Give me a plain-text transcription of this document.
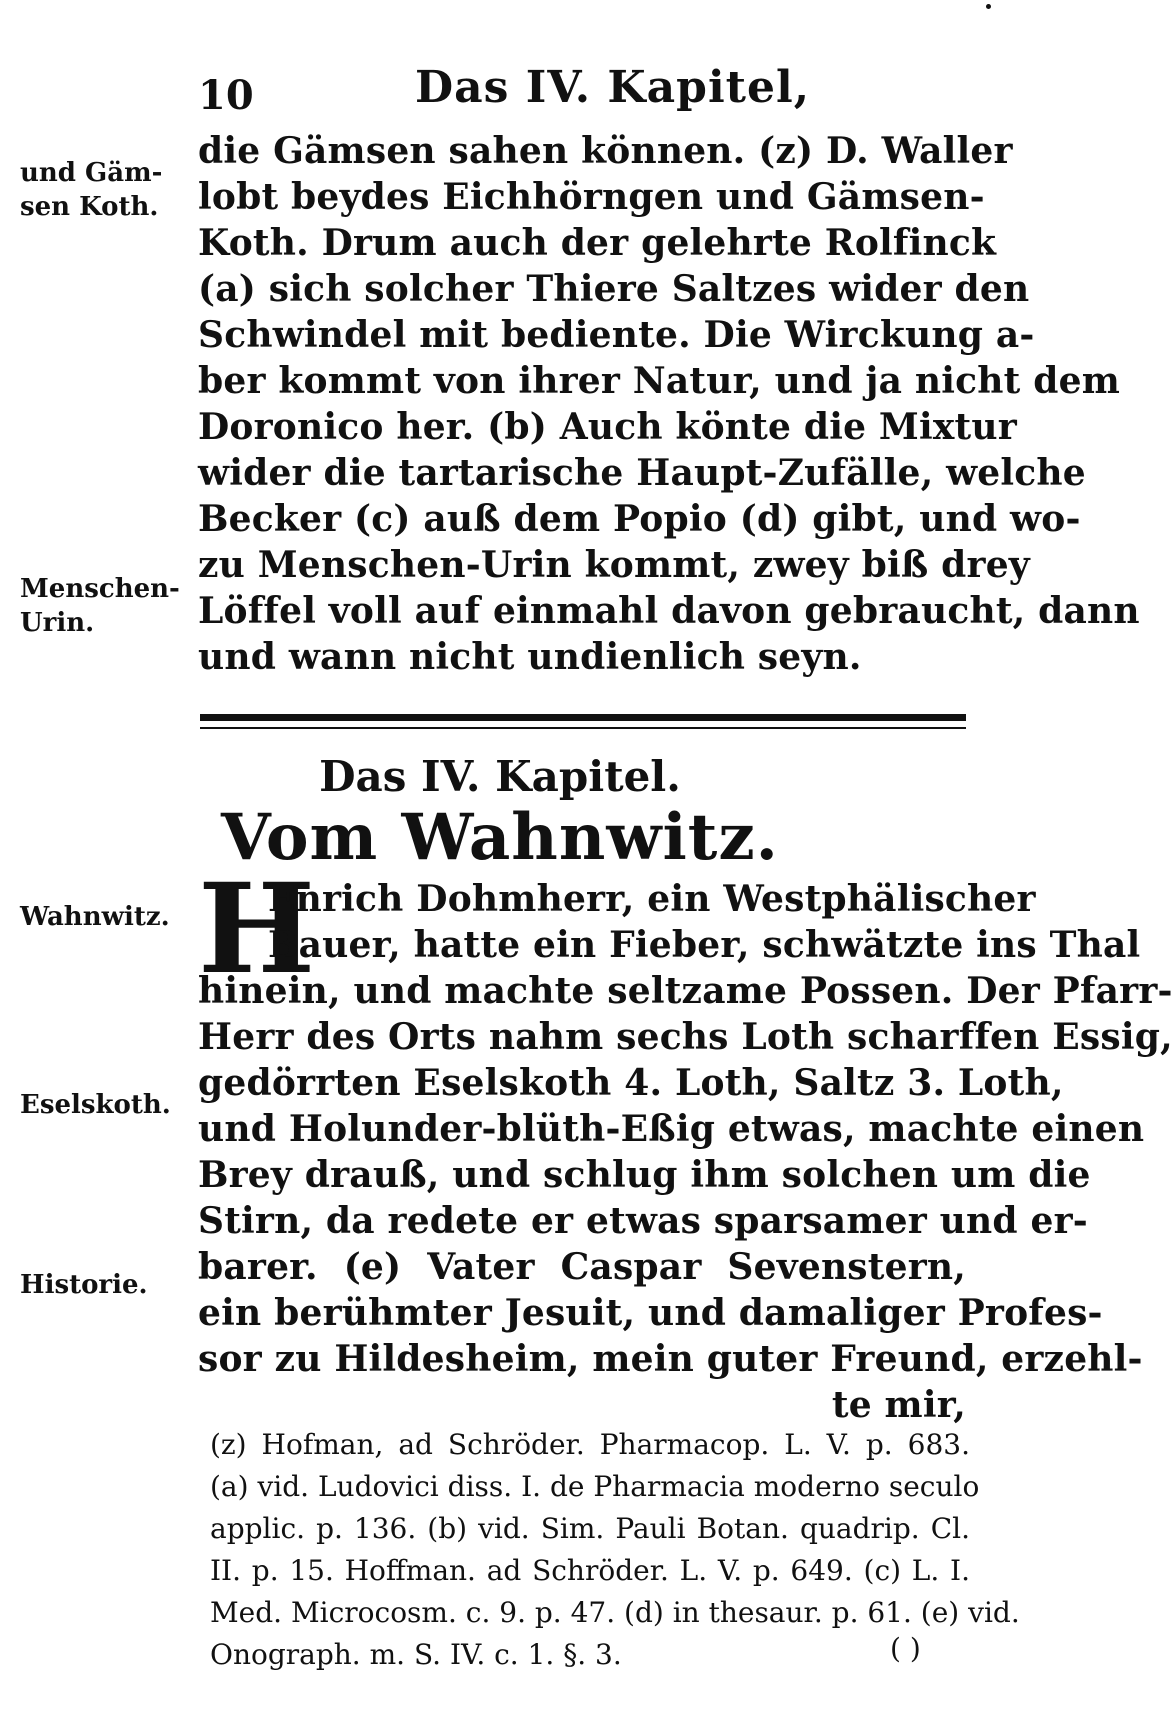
10	Das IV. Kapitel,
und Gäm-
sen Koth.
Menschen-
Urin.
die Gämsen sahen können. (z) D. Waller
lobt beydes Eichhörngen und Gämsen-
Koth. Drum auch der gelehrte Rolfinck
(a) sich solcher Thiere Saltzes wider den
Schwindel mit bediente. Die Wirckung a-
ber kommt von ihrer Natur, und ja nicht dem
Doronico her. (b) Auch könte die Mixtur
wider die tartarische Haupt-Zufälle, welche
Becker (c) auß dem Popio (d) gibt, und wo-
zu Menschen-Urin kommt, zwey biß drey
Löffel voll auf einmahl davon gebraucht, dann
und wann nicht undienlich seyn.
Das IV. Kapitel.
Vom Wahnwitz.
Wahnwitz.
Eselskoth.
Historie.
H
Enrich Dohmherr, ein Westphälischer
Bauer, hatte ein Fieber, schwätzte ins Thal
hinein, und machte seltzame Possen. Der Pfarr-
Herr des Orts nahm sechs Loth scharffen Essig,
gedörrten Eselskoth 4. Loth, Saltz 3. Loth,
und Holunder-blüth-Eßig etwas, machte einen
Brey drauß, und schlug ihm solchen um die
Stirn, da redete er etwas sparsamer und er-
barer. (e) Vater Caspar Sevenstern,
ein berühmter Jesuit, und damaliger Profes-
sor zu Hildesheim, mein guter Freund, erzehl-
te mir,
(z) Hofman, ad Schröder. Pharmacop. L. V. p. 683.
(a) vid. Ludovici diss. I. de Pharmacia moderno seculo
applic. p. 136. (b) vid. Sim. Pauli Botan. quadrip. Cl.
II. p. 15. Hoffman. ad Schröder. L. V. p. 649. (c) L. I.
Med. Microcosm. c. 9. p. 47. (d) in thesaur. p. 61. (e) vid.
Onograph. m. S. IV. c. 1. §. 3.	( )
